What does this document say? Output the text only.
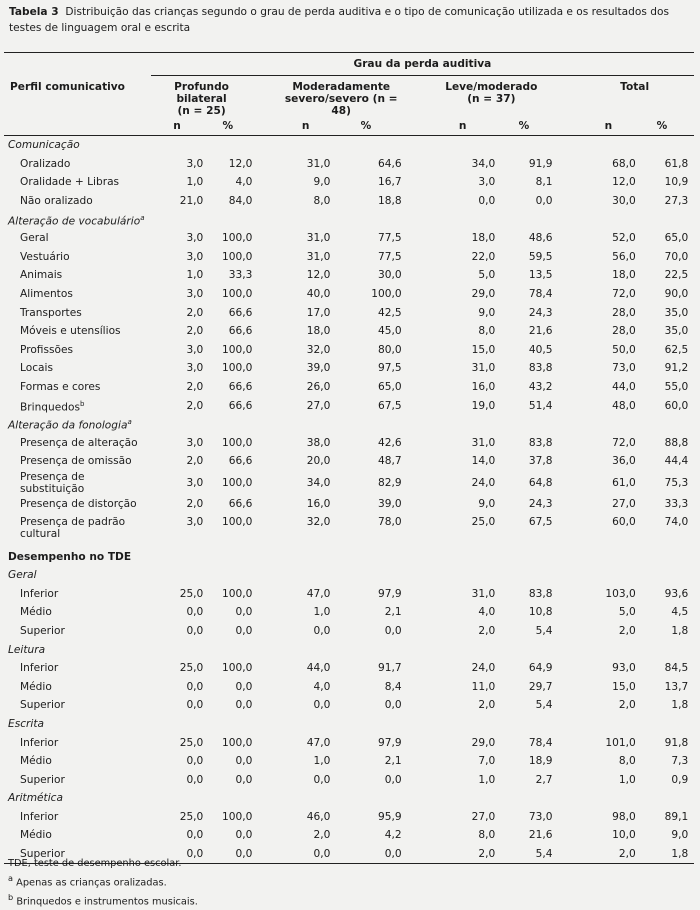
Tabela 3 Distribuição das crianças segundo o grau de perda auditiva e o tipo de comunicação utilizada e os resultados dos testes de linguagem oral e escrita
	Grau da perda auditiva											
Perfil comunicativo	Profundo bilateral
(n = 25)			Moderadamente
severo/severo (n = 48)			Leve/moderado
(n = 37)			Total		
	n	%		n	%		n	%		n	%	
Comunicação												
Oralizado	3,0	12,0		31,0	64,6		34,0	91,9		68,0	61,8	
Oralidade + Libras	1,0	4,0		9,0	16,7		3,0	8,1		12,0	10,9	
Não oralizado	21,0	84,0		8,0	18,8		0,0	0,0		30,0	27,3	
Alteração de vocabulário$^a$
Geral	3,0	100,0		31,0	77,5		18,0	48,6		52,0	65,0	
Vestuário	3,0	100,0		31,0	77,5		22,0	59,5		56,0	70,0	
Animais	1,0	33,3		12,0	30,0		5,0	13,5		18,0	22,5	
Alimentos	3,0	100,0		40,0	100,0		29,0	78,4		72,0	90,0	
Transportes	2,0	66,6		17,0	42,5		9,0	24,3		28,0	35,0	
Móveis e utensílios	2,0	66,6		18,0	45,0		8,0	21,6		28,0	35,0	
Profissões	3,0	100,0		32,0	80,0		15,0	40,5		50,0	62,5	
Locais	3,0	100,0		39,0	97,5		31,0	83,8		73,0	91,2	
Formas e cores	2,0	66,6		26,0	65,0		16,0	43,2		44,0	55,0	
Brinquedos$^b$	2,0	66,6		27,0	67,5		19,0	51,4		48,0	60,0	
Alteração da fonologia$^a$
Presença de alteração	3,0	100,0		38,0	42,6		31,0	83,8		72,0	88,8	
Presença de omissão	2,0	66,6		20,0	48,7		14,0	37,8		36,0	44,4	
Presença de substituição	3,0	100,0		34,0	82,9		24,0	64,8		61,0	75,3	
Presença de distorção	2,0	66,6		16,0	39,0		9,0	24,3		27,0	33,3	
Presença de padrão
cultural	3,0	100,0		32,0	78,0		25,0	67,5		60,0	74,0	
Desempenho no TDE												
Geral												
Inferior	25,0	100,0		47,0	97,9		31,0	83,8		103,0	93,6	
Médio	0,0	0,0		1,0	2,1		4,0	10,8		5,0	4,5	
Superior	0,0	0,0		0,0	0,0		2,0	5,4		2,0	1,8	
Leitura												
Inferior	25,0	100,0		44,0	91,7		24,0	64,9		93,0	84,5	
Médio	0,0	0,0		4,0	8,4		11,0	29,7		15,0	13,7	
Superior	0,0	0,0		0,0	0,0		2,0	5,4		2,0	1,8	
Escrita												
Inferior	25,0	100,0		47,0	97,9		29,0	78,4		101,0	91,8	
Médio	0,0	0,0		1,0	2,1		7,0	18,9		8,0	7,3	
Superior	0,0	0,0		0,0	0,0		1,0	2,7		1,0	0,9	
Aritmética												
Inferior	25,0	100,0		46,0	95,9		27,0	73,0		98,0	89,1	
Médio	0,0	0,0		2,0	4,2		8,0	21,6		10,0	9,0	
Superior	0,0	0,0		0,0	0,0		2,0	5,4		2,0	1,8	
TDE, teste de desempenho escolar.
$^a$ Apenas as crianças oralizadas.
$^b$ Brinquedos e instrumentos musicais.
